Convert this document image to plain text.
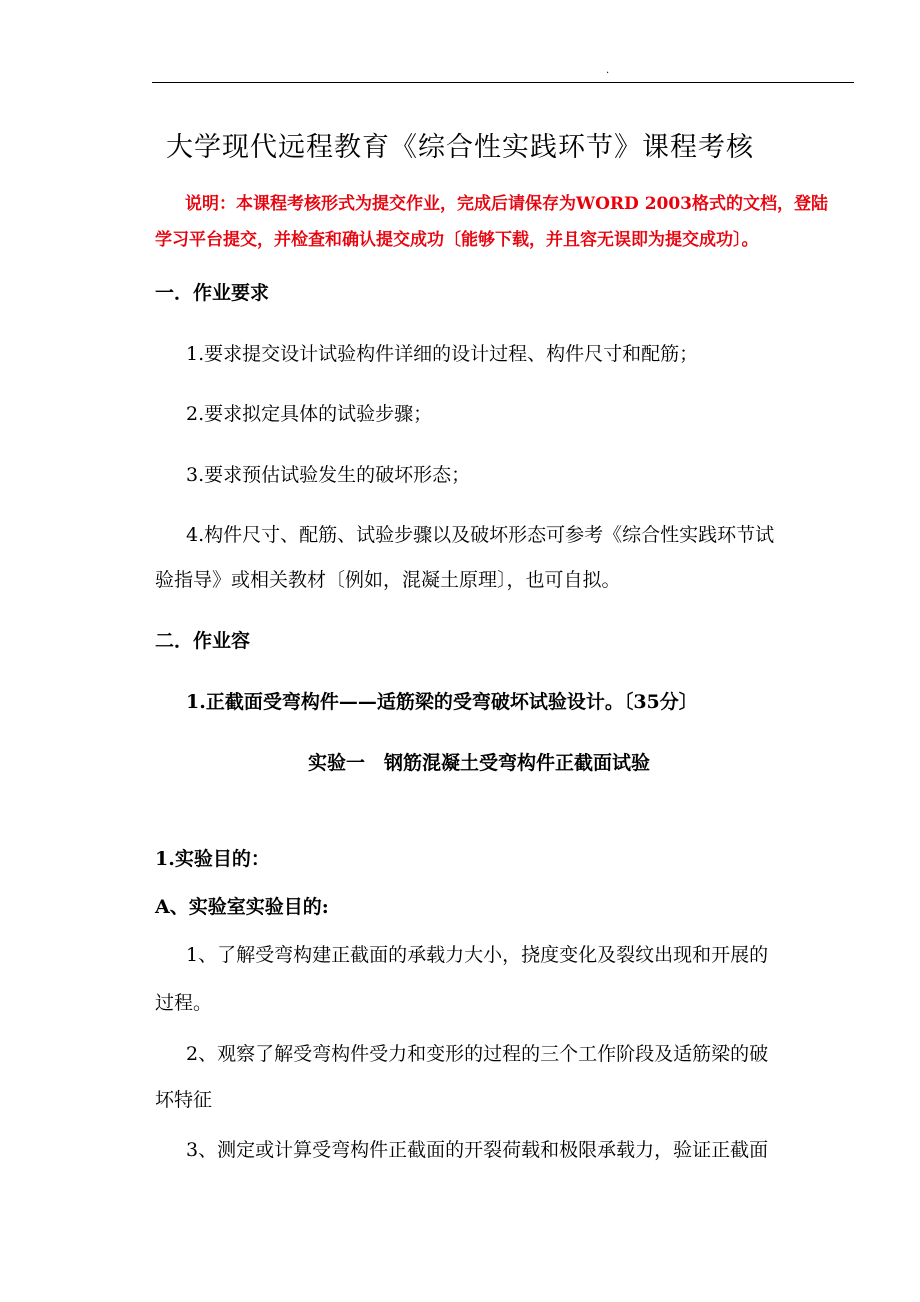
.
大学现代远程教育《综合性实践环节》课程考核
说明：本课程考核形式为提交作业，完成后请保存为WORD 2003格式的文档，登陆
学习平台提交，并检查和确认提交成功〔能够下载，并且容无误即为提交成功〕。
一．作业要求
1.要求提交设计试验构件详细的设计过程、构件尺寸和配筋；
2.要求拟定具体的试验步骤；
3.要求预估试验发生的破坏形态；
4.构件尺寸、配筋、试验步骤以及破坏形态可参考《综合性实践环节试
验指导》或相关教材〔例如，混凝土原理〕，也可自拟。
二．作业容
1.正截面受弯构件——适筋梁的受弯破坏试验设计。〔35分〕
实验一　钢筋混凝土受弯构件正截面试验
1.实验目的：
A、实验室实验目的:
1、了解受弯构建正截面的承载力大小，挠度变化及裂纹出现和开展的
过程。
2、观察了解受弯构件受力和变形的过程的三个工作阶段及适筋梁的破
坏特征
3、测定或计算受弯构件正截面的开裂荷载和极限承载力，验证正截面
